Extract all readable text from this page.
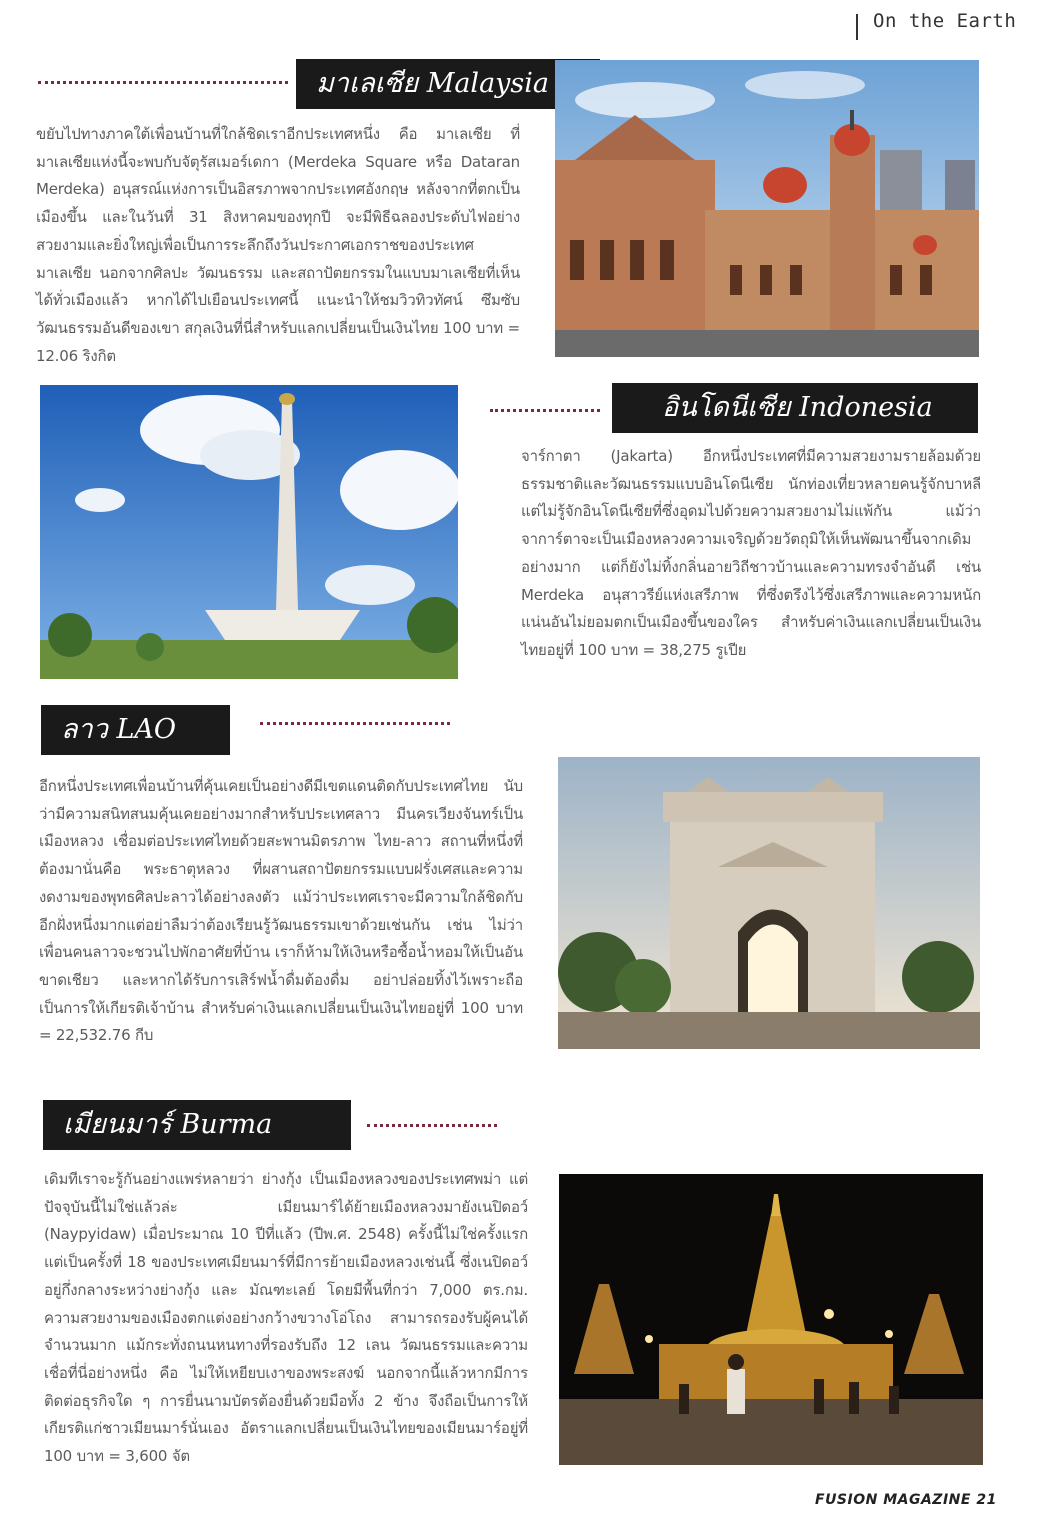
On the Earth
มาเลเซีย Malaysia
ขยับไปทางภาคใต้เพื่อนบ้านที่ใกล้ชิดเราอีกประเทศหนึ่ง คือ มาเลเซีย ที่มาเลเซียแห่งนี้จะพบกับจัตุรัสเมอร์เดกา (Merdeka Square หรือ Dataran Merdeka) อนุสรณ์แห่งการเป็นอิสรภาพจากประเทศอังกฤษ หลังจากที่ตกเป็นเมืองขึ้น และในวันที่ 31 สิงหาคมของทุกปี จะมีพิธีฉลองประดับไฟอย่างสวยงามและยิ่งใหญ่เพื่อเป็นการระลึกถึงวันประกาศเอกราชของประเทศมาเลเซีย นอกจากศิลปะ วัฒนธรรม และสถาปัตยกรรมในแบบมาเลเซียที่เห็นได้ทั่วเมืองแล้ว หากได้ไปเยือนประเทศนี้ แนะนำให้ชมวิวทิวทัศน์ ซึมซับวัฒนธรรมอันดีของเขา สกุลเงินที่นี่สำหรับแลกเปลี่ยนเป็นเงินไทย 100 บาท = 12.06 ริงกิต
อินโดนีเซีย Indonesia
จาร์กาตา (Jakarta) อีกหนึ่งประเทศที่มีความสวยงามรายล้อมด้วยธรรมชาติและวัฒนธรรมแบบอินโดนีเซีย นักท่องเที่ยวหลายคนรู้จักบาหลีแต่ไม่รู้จักอินโดนีเซียที่ซึ่งอุดมไปด้วยความสวยงามไม่แพ้กัน แม้ว่าจาการ์ตาจะเป็นเมืองหลวงความเจริญด้วยวัตถุมิให้เห็นพัฒนาขึ้นจากเดิมอย่างมาก แต่ก็ยังไม่ทิ้งกลิ่นอายวิถีชาวบ้านและความทรงจำอันดี เช่น Merdeka อนุสาวรีย์แห่งเสรีภาพ ที่ซึ่งตรึงไว้ซึ่งเสรีภาพและความหนักแน่นอันไม่ยอมตกเป็นเมืองขึ้นของใคร สำหรับค่าเงินแลกเปลี่ยนเป็นเงินไทยอยู่ที่ 100 บาท = 38,275 รูเปีย
ลาว LAO
อีกหนึ่งประเทศเพื่อนบ้านที่คุ้นเคยเป็นอย่างดีมีเขตแดนติดกับประเทศไทย นับว่ามีความสนิทสนมคุ้นเคยอย่างมากสำหรับประเทศลาว มีนครเวียงจันทร์เป็นเมืองหลวง เชื่อมต่อประเทศไทยด้วยสะพานมิตรภาพ ไทย-ลาว สถานที่หนึ่งที่ต้องมานั่นคือ พระธาตุหลวง ที่ผสานสถาปัตยกรรมแบบฝรั่งเศสและความงดงามของพุทธศิลปะลาวได้อย่างลงตัว แม้ว่าประเทศเราจะมีความใกล้ชิดกับอีกฝั่งหนึ่งมากแต่อย่าลืมว่าต้องเรียนรู้วัฒนธรรมเขาด้วยเช่นกัน เช่น ไม่ว่าเพื่อนคนลาวจะชวนไปพักอาศัยที่บ้าน เราก็ห้ามให้เงินหรือซื้อน้ำหอมให้เป็นอันขาดเชียว และหากได้รับการเสิร์ฟน้ำดื่มต้องดื่ม อย่าปล่อยทิ้งไว้เพราะถือเป็นการให้เกียรติเจ้าบ้าน สำหรับค่าเงินแลกเปลี่ยนเป็นเงินไทยอยู่ที่ 100 บาท = 22,532.76 กีบ
เมียนมาร์ Burma
เดิมทีเราจะรู้กันอย่างแพร่หลายว่า ย่างกุ้ง เป็นเมืองหลวงของประเทศพม่า แต่ปัจจุบันนี้ไม่ใช่แล้วล่ะ เมียนมาร์ได้ย้ายเมืองหลวงมายังเนปิดอว์ (Naypyidaw) เมื่อประมาณ 10 ปีที่แล้ว (ปีพ.ศ. 2548) ครั้งนี้ไม่ใช่ครั้งแรก แต่เป็นครั้งที่ 18 ของประเทศเมียนมาร์ที่มีการย้ายเมืองหลวงเช่นนี้ ซึ่งเนปิดอว์อยู่กึ่งกลางระหว่างย่างกุ้ง และ มัณฑะเลย์ โดยมีพื้นที่กว่า 7,000 ตร.กม. ความสวยงามของเมืองตกแต่งอย่างกว้างขวางโอ่โถง สามารถรองรับผู้คนได้จำนวนมาก แม้กระทั่งถนนหนทางที่รองรับถึง 12 เลน วัฒนธรรมและความเชื่อที่นี่อย่างหนึ่ง คือ ไม่ให้เหยียบเงาของพระสงฆ์ นอกจากนี้แล้วหากมีการติดต่อธุรกิจใด ๆ การยื่นนามบัตรต้องยื่นด้วยมือทั้ง 2 ข้าง จึงถือเป็นการให้เกียรติแก่ชาวเมียนมาร์นั่นเอง อัตราแลกเปลี่ยนเป็นเงินไทยของเมียนมาร์อยู่ที่ 100 บาท = 3,600 จัต
FUSION MAGAZINE 21
